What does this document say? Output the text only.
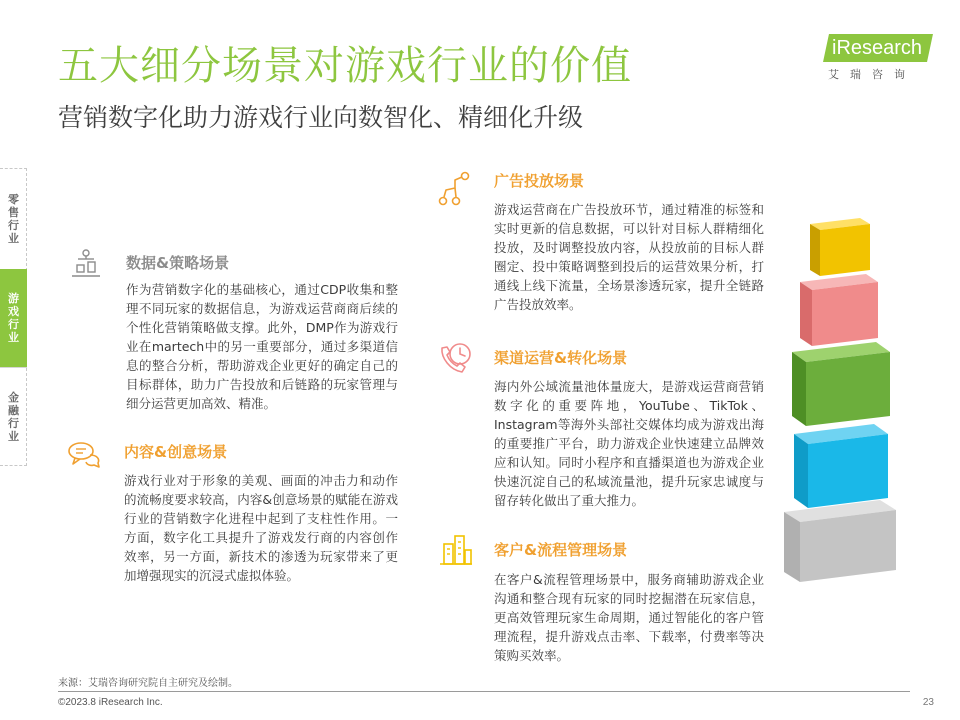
五大细分场景对游戏行业的价值
营销数字化助力游戏行业向数智化、精细化升级
iResearch
艾瑞咨询
零售行业
游戏行业
金融行业
数据&策略场景
作为营销数字化的基础核心，通过CDP收集和整理不同玩家的数据信息，为游戏运营商商后续的个性化营销策略做支撑。此外，DMP作为游戏行业在martech中的另一重要部分，通过多渠道信息的整合分析，帮助游戏企业更好的确定自己的目标群体，助力广告投放和后链路的玩家管理与细分运营更加高效、精准。
内容&创意场景
游戏行业对于形象的美观、画面的冲击力和动作的流畅度要求较高，内容&创意场景的赋能在游戏行业的营销数字化进程中起到了支柱性作用。一方面，数字化工具提升了游戏发行商的内容创作效率，另一方面，新技术的渗透为玩家带来了更加增强现实的沉浸式虚拟体验。
广告投放场景
游戏运营商在广告投放环节，通过精准的标签和实时更新的信息数据，可以针对目标人群精细化投放，及时调整投放内容，从投放前的目标人群圈定、投中策略调整到投后的运营效果分析，打通线上线下流量，全场景渗透玩家，提升全链路广告投放效率。
渠道运营&转化场景
海内外公域流量池体量庞大，是游戏运营商营销数字化的重要阵地，YouTube、TikTok、Instagram等海外头部社交媒体均成为游戏出海的重要推广平台，助力游戏企业快速建立品牌效应和认知。同时小程序和直播渠道也为游戏企业快速沉淀自己的私域流量池，提升玩家忠诚度与留存转化做出了重大推力。
客户&流程管理场景
在客户&流程管理场景中，服务商辅助游戏企业沟通和整合现有玩家的同时挖掘潜在玩家信息，更高效管理玩家生命周期，通过智能化的客户管理流程，提升游戏点击率、下载率，付费率等决策购买效率。
来源：艾瑞咨询研究院自主研究及绘制。
©2023.8 iResearch Inc.	23
